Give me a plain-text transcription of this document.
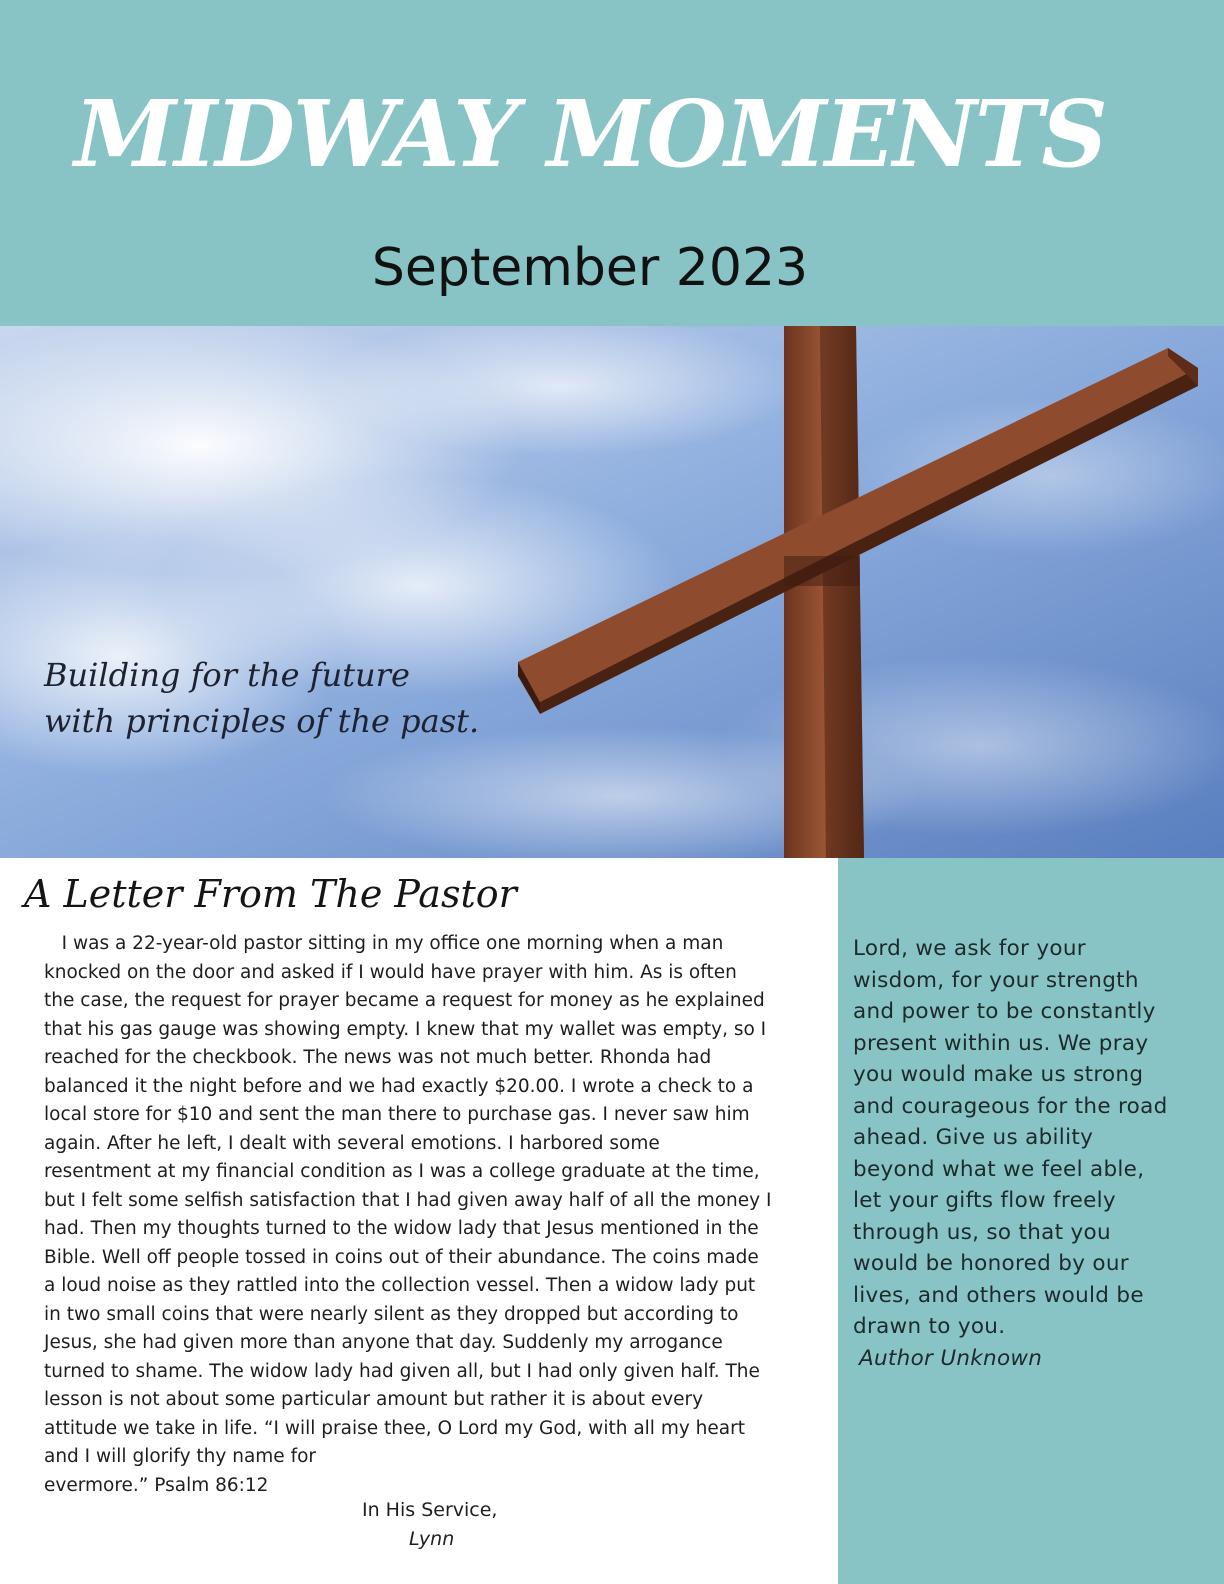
MIDWAY MOMENTS
September 2023
Building for the future
with principles of the past.
Lord, we ask for your
wisdom, for your strength
and power to be constantly
present within us. We pray
you would make us strong
and courageous for the road
ahead. Give us ability
beyond what we feel able,
let your gifts flow freely
through us, so that you
would be honored by our
lives, and others would be
drawn to you.
Author Unknown
A Letter From The Pastor
I was a 22-year-old pastor sitting in my office one morning when a man
knocked on the door and asked if I would have prayer with him. As is often
the case, the request for prayer became a request for money as he explained
that his gas gauge was showing empty. I knew that my wallet was empty, so I
reached for the checkbook. The news was not much better. Rhonda had
balanced it the night before and we had exactly $20.00. I wrote a check to a
local store for $10 and sent the man there to purchase gas. I never saw him
again. After he left, I dealt with several emotions. I harbored some
resentment at my financial condition as I was a college graduate at the time,
but I felt some selfish satisfaction that I had given away half of all the money I
had. Then my thoughts turned to the widow lady that Jesus mentioned in the
Bible. Well off people tossed in coins out of their abundance. The coins made
a loud noise as they rattled into the collection vessel. Then a widow lady put
in two small coins that were nearly silent as they dropped but according to
Jesus, she had given more than anyone that day. Suddenly my arrogance
turned to shame. The widow lady had given all, but I had only given half. The
lesson is not about some particular amount but rather it is about every
attitude we take in life. “I will praise thee, O Lord my God, with all my heart
and I will glorify thy name for
evermore.” Psalm 86:12
In His Service,
Lynn
